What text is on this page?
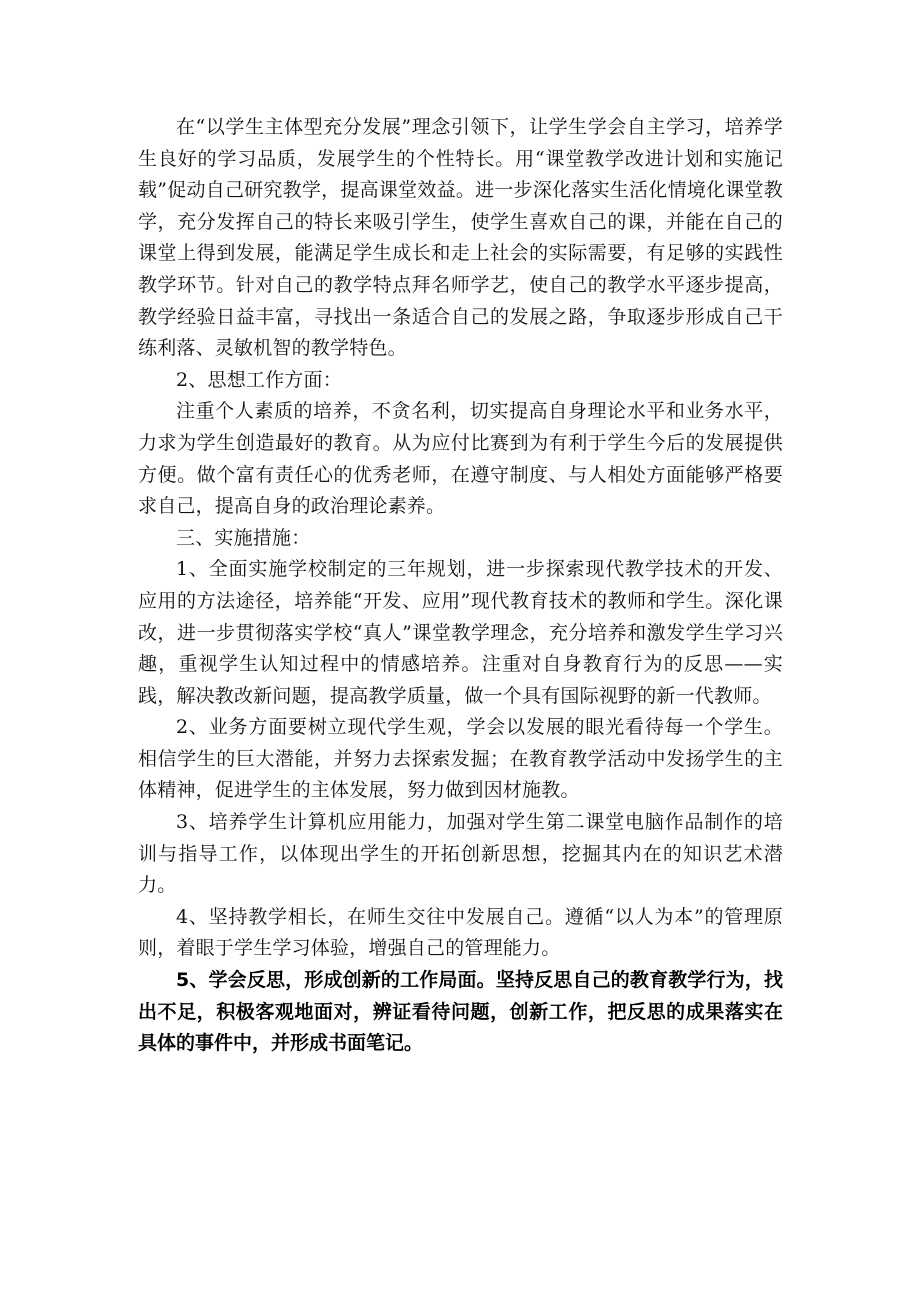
在“以学生主体型充分发展”理念引领下，让学生学会自主学习，培养学生良好的学习品质，发展学生的个性特长。用“课堂教学改进计划和实施记载”促动自己研究教学，提高课堂效益。进一步深化落实生活化情境化课堂教学，充分发挥自己的特长来吸引学生，使学生喜欢自己的课，并能在自己的课堂上得到发展，能满足学生成长和走上社会的实际需要，有足够的实践性教学环节。针对自己的教学特点拜名师学艺，使自己的教学水平逐步提高，教学经验日益丰富，寻找出一条适合自己的发展之路，争取逐步形成自己干练利落、灵敏机智的教学特色。

2、思想工作方面：

注重个人素质的培养，不贪名利，切实提高自身理论水平和业务水平，力求为学生创造最好的教育。从为应付比赛到为有利于学生今后的发展提供方便。做个富有责任心的优秀老师，在遵守制度、与人相处方面能够严格要求自己，提高自身的政治理论素养。

三、实施措施：

1、全面实施学校制定的三年规划，进一步探索现代教学技术的开发、应用的方法途径，培养能“开发、应用”现代教育技术的教师和学生。深化课改，进一步贯彻落实学校“真人”课堂教学理念，充分培养和激发学生学习兴趣，重视学生认知过程中的情感培养。注重对自身教育行为的反思——实践，解决教改新问题，提高教学质量，做一个具有国际视野的新一代教师。

2、业务方面要树立现代学生观，学会以发展的眼光看待每一个学生。相信学生的巨大潜能，并努力去探索发掘；在教育教学活动中发扬学生的主体精神，促进学生的主体发展，努力做到因材施教。

3、培养学生计算机应用能力，加强对学生第二课堂电脑作品制作的培训与指导工作，以体现出学生的开拓创新思想，挖掘其内在的知识艺术潜力。

4、坚持教学相长，在师生交往中发展自己。遵循“以人为本”的管理原则，着眼于学生学习体验，增强自己的管理能力。

5、学会反思，形成创新的工作局面。坚持反思自己的教育教学行为，找出不足，积极客观地面对，辨证看待问题，创新工作，把反思的成果落实在具体的事件中，并形成书面笔记。
